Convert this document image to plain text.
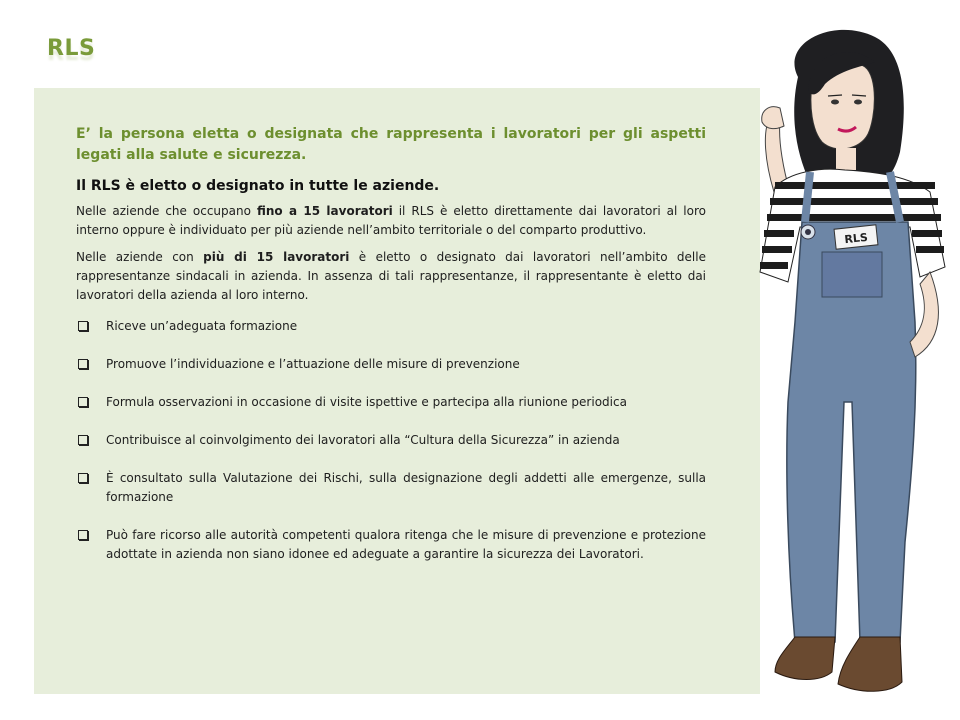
RLS

E’ la persona eletta o designata che rappresenta i lavoratori per gli aspetti legati alla salute e sicurezza.

Il RLS è eletto o designato in tutte le aziende.

Nelle aziende che occupano fino a 15 lavoratori il RLS è eletto direttamente dai lavoratori al loro interno oppure è individuato per più aziende nell’ambito territoriale o del comparto produttivo.

Nelle aziende con più di 15 lavoratori è eletto o designato dai lavoratori nell’ambito delle rappresentanze sindacali in azienda. In assenza di tali rappresentanze, il rappresentante è eletto dai lavoratori della azienda al loro interno.

Riceve un’adeguata formazione
Promuove l’individuazione e l’attuazione delle misure di prevenzione
Formula osservazioni in occasione di visite ispettive e partecipa alla riunione periodica
Contribuisce al coinvolgimento dei lavoratori alla “Cultura della Sicurezza” in azienda
È consultato sulla Valutazione dei Rischi, sulla designazione degli addetti alle emergenze, sulla formazione
Può fare ricorso alle autorità competenti qualora ritenga che le misure di prevenzione e protezione adottate in azienda non siano idonee ed adeguate a garantire la sicurezza dei Lavoratori.
RLS
